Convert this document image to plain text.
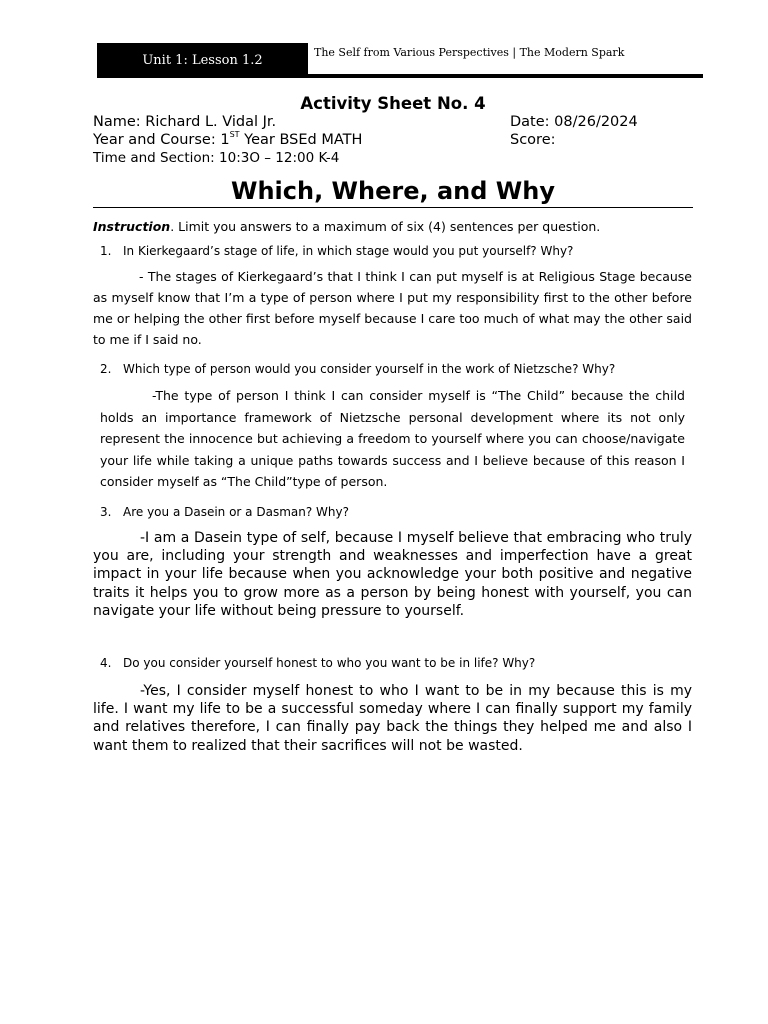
Unit 1: Lesson 1.2
The Self from Various Perspectives | The Modern Spark
Activity Sheet No. 4
Name: Richard L. Vidal Jr.
Year and Course: 1ST Year BSEd MATH
Time and Section: 10:3O – 12:00 K-4
Date: 08/26/2024
Score:
Which, Where, and Why
Instruction. Limit you answers to a maximum of six (4) sentences per question.
1. In Kierkegaard’s stage of life, in which stage would you put yourself? Why?
- The stages of Kierkegaard’s that I think I can put myself is at Religious Stage because as myself know that I’m a type of person where I put my responsibility first to the other before me or helping the other first before myself because I care too much of what may the other said to me if I said no.
2. Which type of person would you consider yourself in the work of Nietzsche? Why?
-The type of person I think I can consider myself is “The Child” because the child holds an importance framework of Nietzsche personal development where its not only represent the innocence but achieving a freedom to yourself where you can choose/navigate your life while taking a unique paths towards success and I believe because of this reason I consider myself as “The Child”type of person.
3. Are you a Dasein or a Dasman? Why?
-I am a Dasein type of self, because I myself believe that embracing who truly you are, including your strength and weaknesses and imperfection have a great impact in your life because when you acknowledge your both positive and negative traits it helps you to grow more as a person by being honest with yourself, you can navigate your life without being pressure to yourself.
4. Do you consider yourself honest to who you want to be in life? Why?
-Yes, I consider myself honest to who I want to be in my because this is my life. I want my life to be a successful someday where I can finally support my family and relatives therefore, I can finally pay back the things they helped me and also I want them to realized that their sacrifices will not be wasted.
